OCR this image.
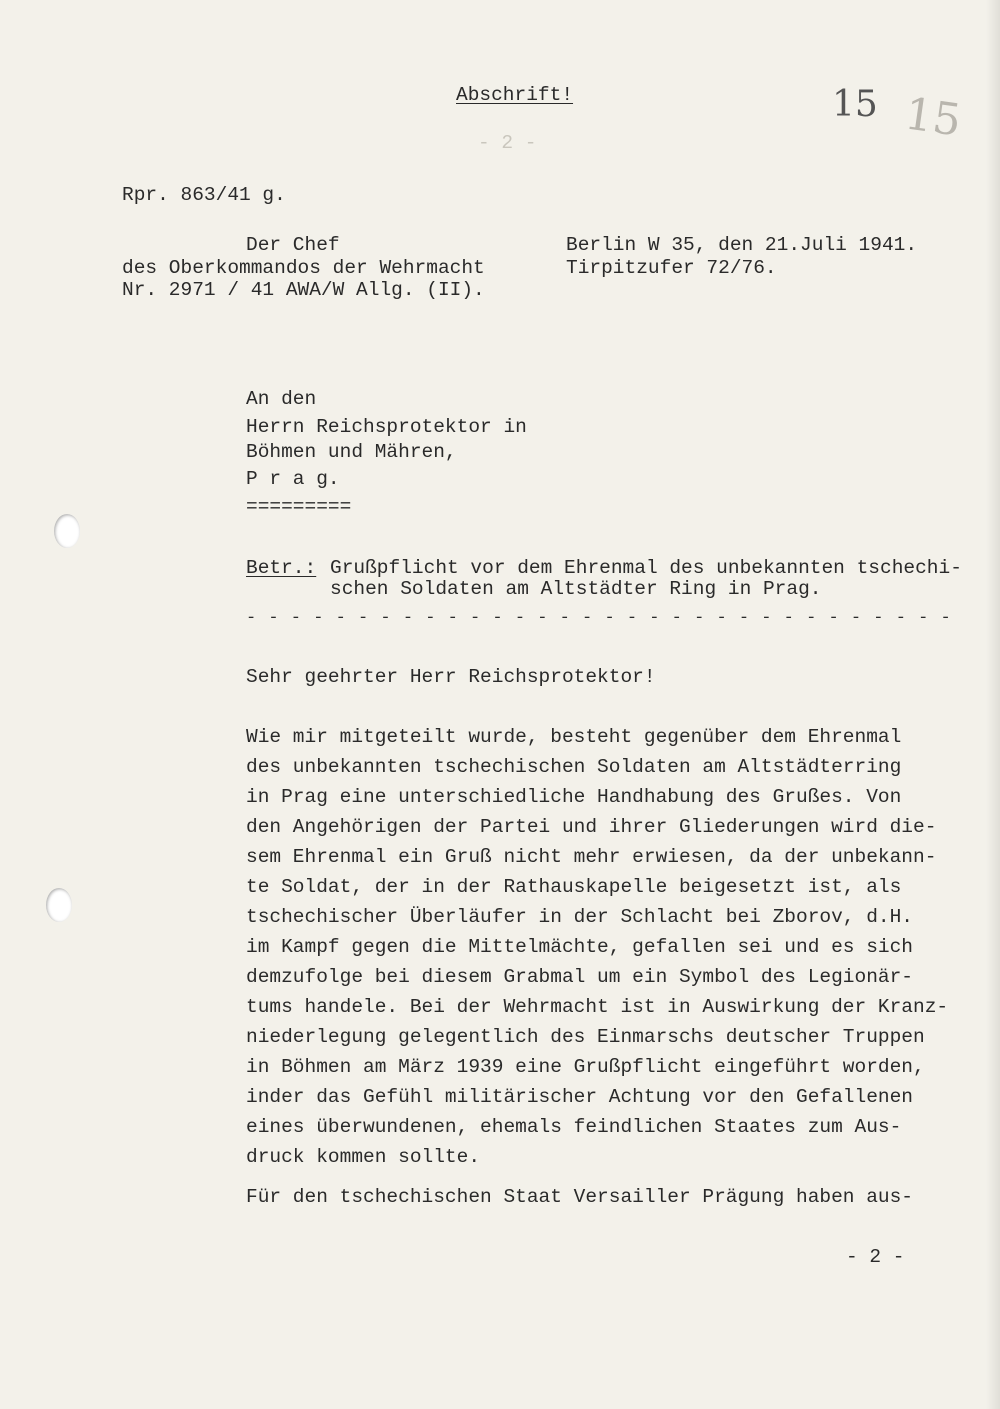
15 15
Abschrift!
- 2 -
Rpr. 863/41 g.
Der Chef
des Oberkommandos der Wehrmacht
Nr. 2971 / 41 AWA/W Allg. (II).
Berlin W 35, den 21.Juli 1941.
Tirpitzufer 72/76.
An den
Herrn Reichsprotektor in
Böhmen und Mähren,
P r a g.
=========
Betr.: Grußpflicht vor dem Ehrenmal des unbekannten tschechi-
schen Soldaten am Altstädter Ring in Prag.
- - - - - - - - - - - - - - - - - - - - - - - - - - - - - - - -
Sehr geehrter Herr Reichsprotektor!
Wie mir mitgeteilt wurde, besteht gegenüber dem Ehrenmal
des unbekannten tschechischen Soldaten am Altstädterring
in Prag eine unterschiedliche Handhabung des Grußes. Von
den Angehörigen der Partei und ihrer Gliederungen wird die-
sem Ehrenmal ein Gruß nicht mehr erwiesen, da der unbekann-
te Soldat, der in der Rathauskapelle beigesetzt ist, als
tschechischer Überläufer in der Schlacht bei Zborov, d.H.
im Kampf gegen die Mittelmächte, gefallen sei und es sich
demzufolge bei diesem Grabmal um ein Symbol des Legionär-
tums handele. Bei der Wehrmacht ist in Auswirkung der Kranz-
niederlegung gelegentlich des Einmarschs deutscher Truppen
in Böhmen am März 1939 eine Grußpflicht eingeführt worden,
inder das Gefühl militärischer Achtung vor den Gefallenen
eines überwundenen, ehemals feindlichen Staates zum Aus-
druck kommen sollte.
Für den tschechischen Staat Versailler Prägung haben aus-
- 2 -
